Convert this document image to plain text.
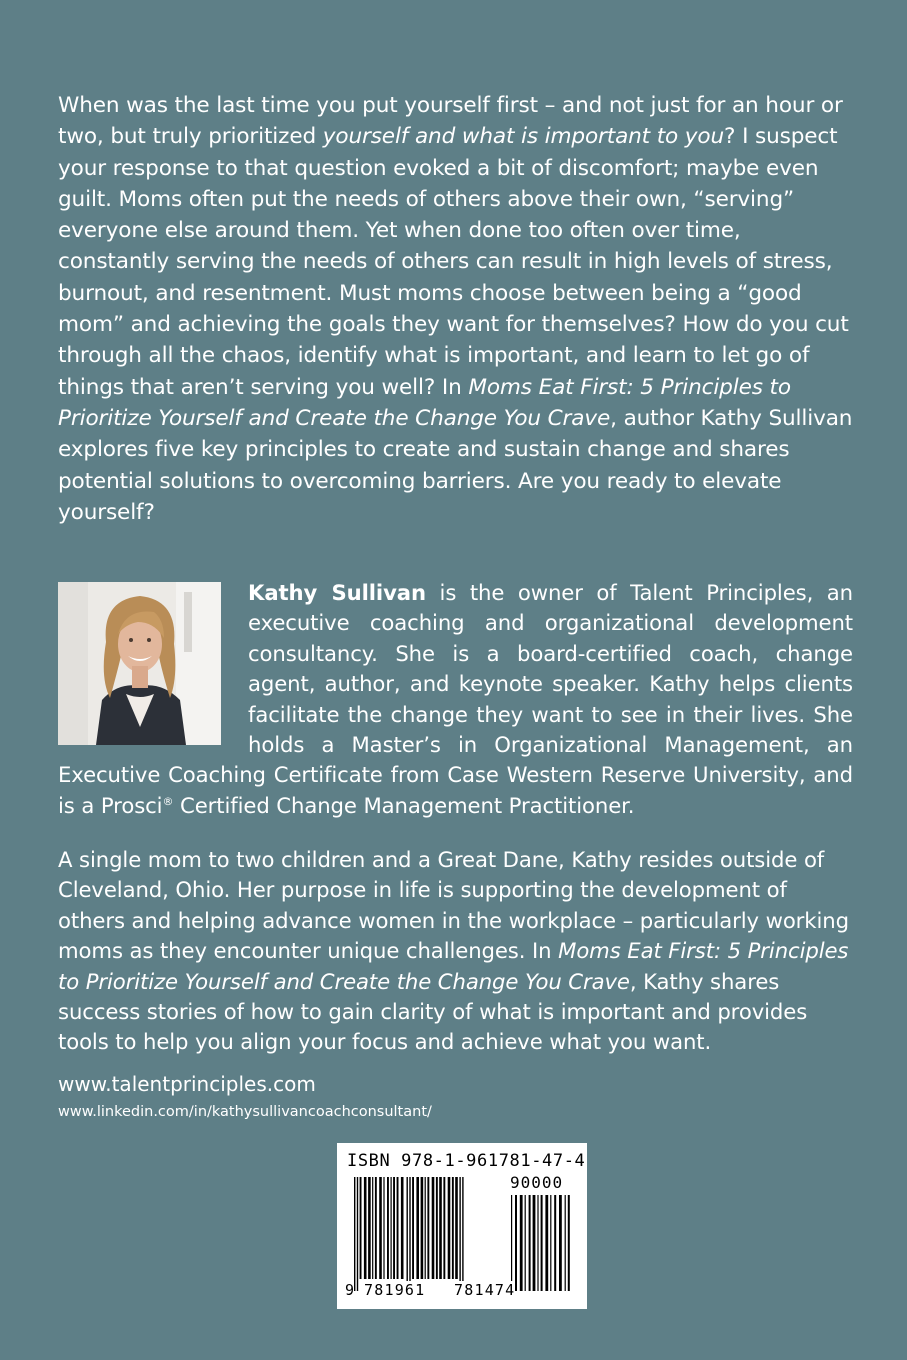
When was the last time you put yourself first – and not just for an hour or two, but truly prioritized yourself and what is important to you? I suspect your response to that question evoked a bit of discomfort; maybe even guilt. Moms often put the needs of others above their own, “serving” everyone else around them. Yet when done too often over time, constantly serving the needs of others can result in high levels of stress, burnout, and resentment. Must moms choose between being a “good mom” and achieving the goals they want for themselves? How do you cut through all the chaos, identify what is important, and learn to let go of things that aren’t serving you well? In Moms Eat First: 5 Principles to Prioritize Yourself and Create the Change You Crave, author Kathy Sullivan explores five key principles to create and sustain change and shares potential solutions to overcoming barriers. Are you ready to elevate yourself?

Kathy Sullivan is the owner of Talent Principles, an executive coaching and organizational development consultancy. She is a board-certified coach, change agent, author, and keynote speaker. Kathy helps clients facilitate the change they want to see in their lives. She holds a Master’s in Organizational Management, an Executive Coaching Certificate from Case Western Reserve University, and is a Prosci® Certified Change Management Practitioner.

A single mom to two children and a Great Dane, Kathy resides outside of Cleveland, Ohio. Her purpose in life is supporting the development of others and helping advance women in the workplace – particularly working moms as they encounter unique challenges. In Moms Eat First: 5 Principles to Prioritize Yourself and Create the Change You Crave, Kathy shares success stories of how to gain clarity of what is important and provides tools to help you align your focus and achieve what you want.

www.talentprinciples.com

www.linkedin.com/in/kathysullivancoachconsultant/

ISBN 978-1-961781-47-4
90000
9 781961 781474
